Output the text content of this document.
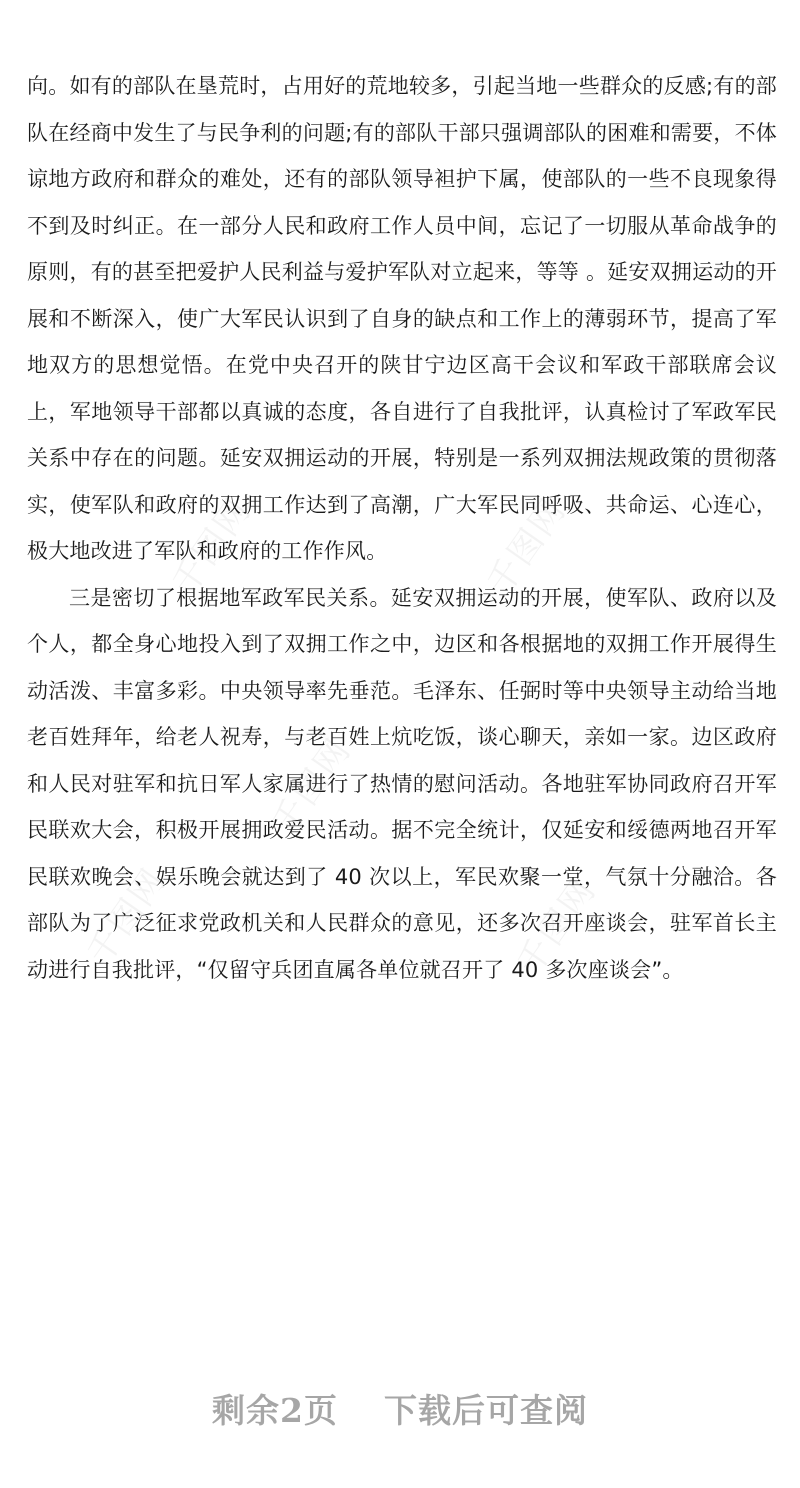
千图网	千图网
千图网
千图网	千图网

向。如有的部队在垦荒时，占用好的荒地较多，引起当地一些群众的反感;有的部队在经商中发生了与民争利的问题;有的部队干部只强调部队的困难和需要，不体谅地方政府和群众的难处，还有的部队领导袒护下属，使部队的一些不良现象得不到及时纠正。在一部分人民和政府工作人员中间，忘记了一切服从革命战争的原则，有的甚至把爱护人民利益与爱护军队对立起来，等等 。延安双拥运动的开展和不断深入，使广大军民认识到了自身的缺点和工作上的薄弱环节，提高了军地双方的思想觉悟。在党中央召开的陕甘宁边区高干会议和军政干部联席会议上，军地领导干部都以真诚的态度，各自进行了自我批评，认真检讨了军政军民关系中存在的问题。延安双拥运动的开展，特别是一系列双拥法规政策的贯彻落实，使军队和政府的双拥工作达到了高潮，广大军民同呼吸、共命运、心连心，极大地改进了军队和政府的工作作风。

三是密切了根据地军政军民关系。延安双拥运动的开展，使军队、政府以及个人，都全身心地投入到了双拥工作之中，边区和各根据地的双拥工作开展得生动活泼、丰富多彩。中央领导率先垂范。毛泽东、任弼时等中央领导主动给当地老百姓拜年，给老人祝寿，与老百姓上炕吃饭，谈心聊天，亲如一家。边区政府和人民对驻军和抗日军人家属进行了热情的慰问活动。各地驻军协同政府召开军民联欢大会，积极开展拥政爱民活动。据不完全统计，仅延安和绥德两地召开军民联欢晚会、娱乐晚会就达到了 40 次以上，军民欢聚一堂，气氛十分融洽。各部队为了广泛征求党政机关和人民群众的意见，还多次召开座谈会，驻军首长主动进行自我批评，“仅留守兵团直属各单位就召开了 40 多次座谈会”。

剩余2页 下载后可查阅
